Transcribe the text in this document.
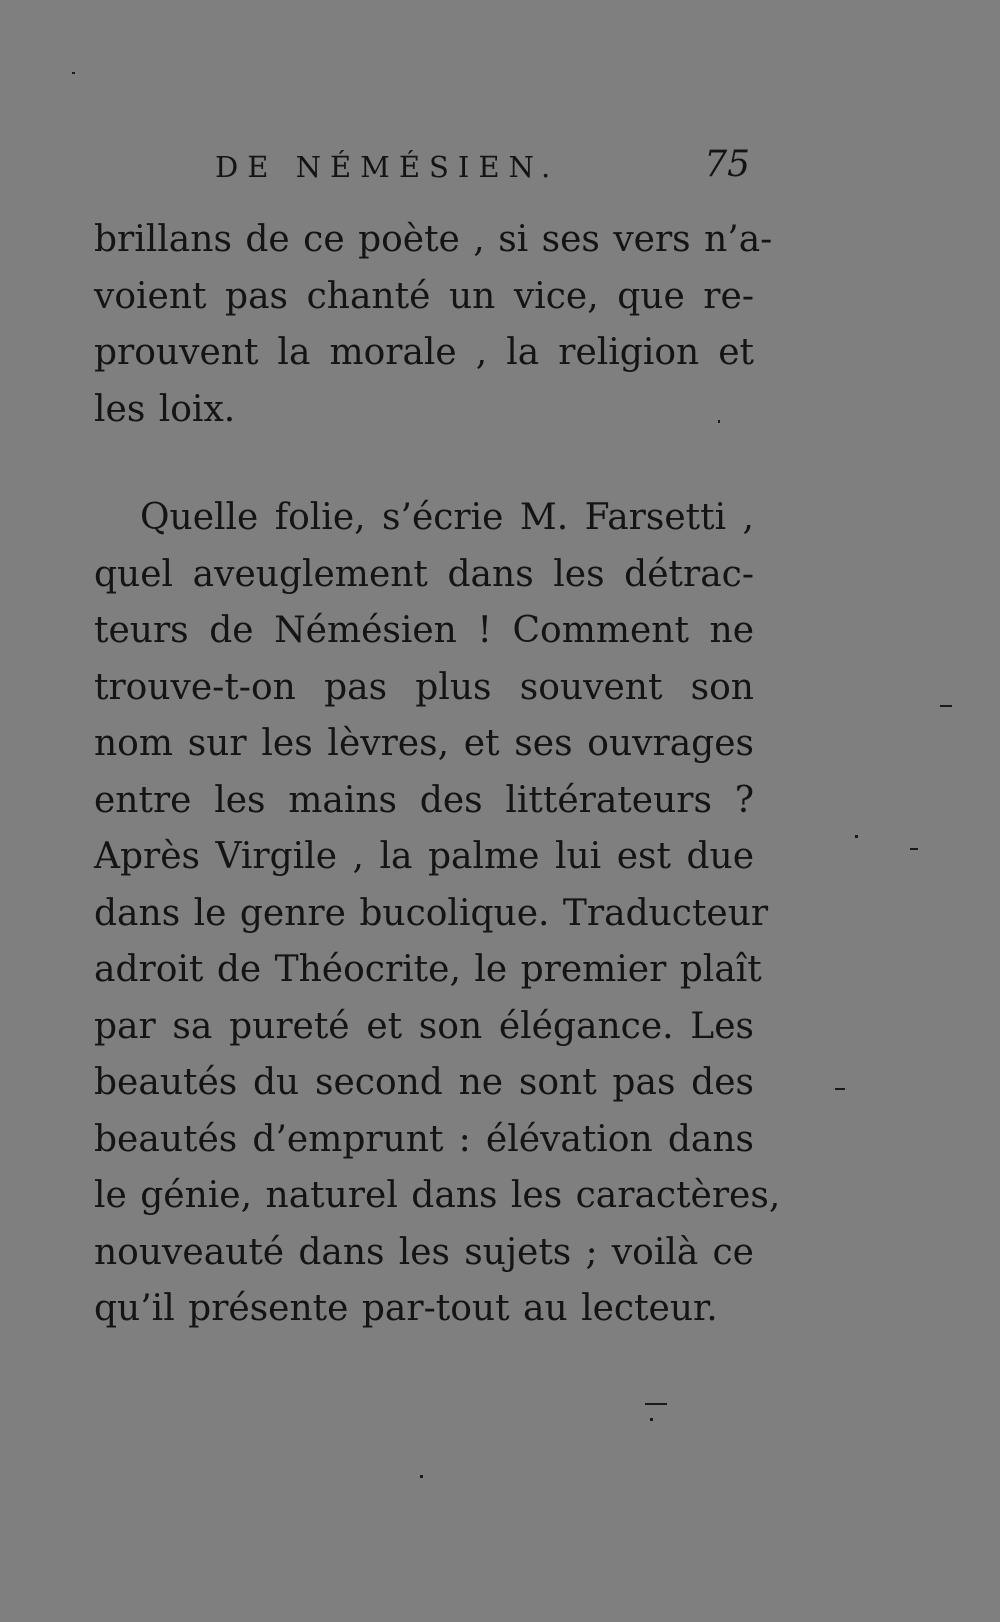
DE NÉMÉSIEN.	75
brillans de ce poète , si ses vers n’a-
voient pas chanté un vice, que re-
prouvent la morale , la religion et
les loix.
Quelle folie, s’écrie M. Farsetti ,
quel aveuglement dans les détrac-
teurs de Némésien ! Comment ne
trouve-t-on pas plus souvent son
nom sur les lèvres, et ses ouvrages
entre les mains des littérateurs ?
Après Virgile , la palme lui est due
dans le genre bucolique. Traducteur
adroit de Théocrite, le premier plaît
par sa pureté et son élégance. Les
beautés du second ne sont pas des
beautés d’emprunt : élévation dans
le génie, naturel dans les caractères,
nouveauté dans les sujets ; voilà ce
qu’il présente par-tout au lecteur.
